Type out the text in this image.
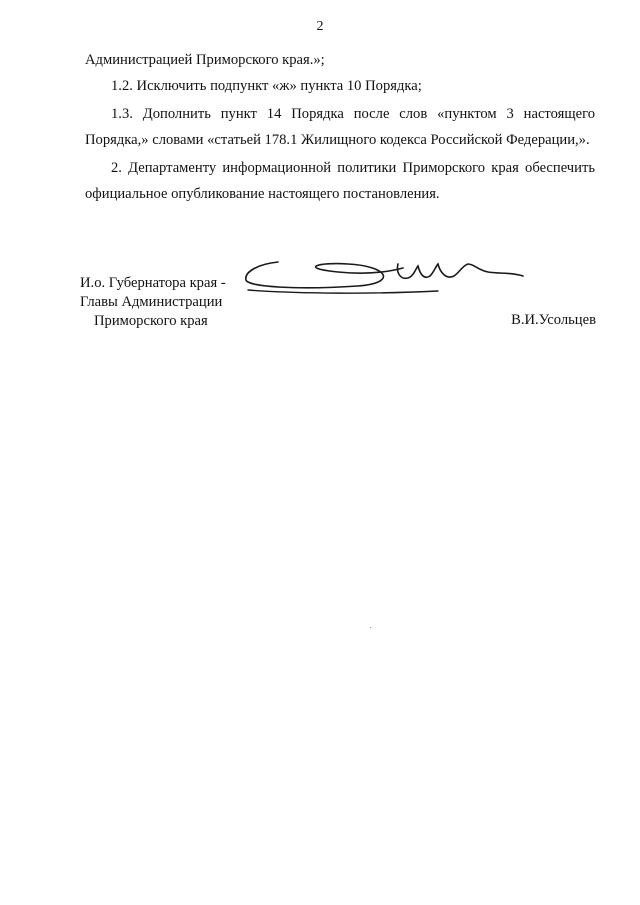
2

Администрацией Приморского края.»;

1.2. Исключить подпункт «ж» пункта 10 Порядка;

1.3. Дополнить пункт 14 Порядка после слов «пунктом 3 настоящего Порядка,» словами «статьей 178.1 Жилищного кодекса Российской Федерации,».

2. Департаменту информационной политики Приморского края обеспечить официальное опубликование настоящего постановления.

И.о. Губернатора края -
Главы Администрации
Приморского края	В.И.Усольцев
